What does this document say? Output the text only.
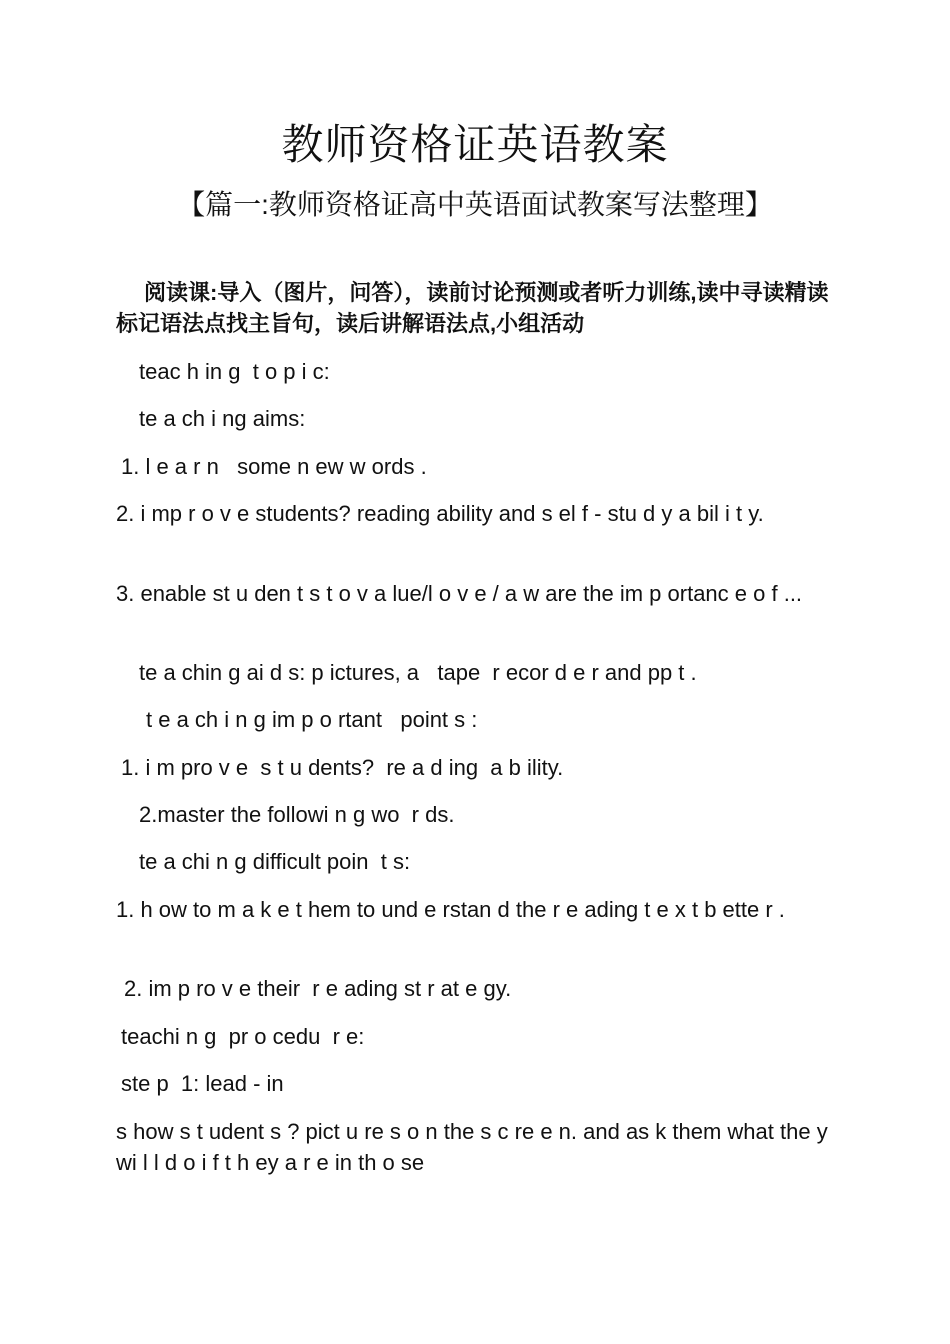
教师资格证英语教案
【篇一:教师资格证高中英语面试教案写法整理】
阅读课:导入（图片，问答），读前讨论预测或者听力训练,读中寻读精读标记语法点找主旨句，读后讲解语法点,小组活动
teac h in g  t o p i c:
te a ch i ng aims:
1. l e a r n   some n ew w ords .
2. i mp r o v e students? reading ability and s el f - stu d y a bil i t y.
3. enable st u den t s t o v a lue/l o v e / a w are the im p ortanc e o f ...
te a chin g ai d s: p ictures, a   tape  r ecor d e r and pp t .
t e a ch i n g im p o rtant   point s :
1. i m pro v e  s t u dents?  re a d ing  a b ility.
2.master the followi n g wo  r ds.
te a chi n g difficult poin  t s:
1. h ow to m a k e t hem to und e rstan d the r e ading t e x t b ette r .
2. im p ro v e their  r e ading st r at e gy.
teachi n g  pr o cedu  r e:
ste p  1: lead - in
s how s t udent s ? pict u re s o n the s c re e n. and as k them what the y wi l l d o i f t h ey a r e in th o se
